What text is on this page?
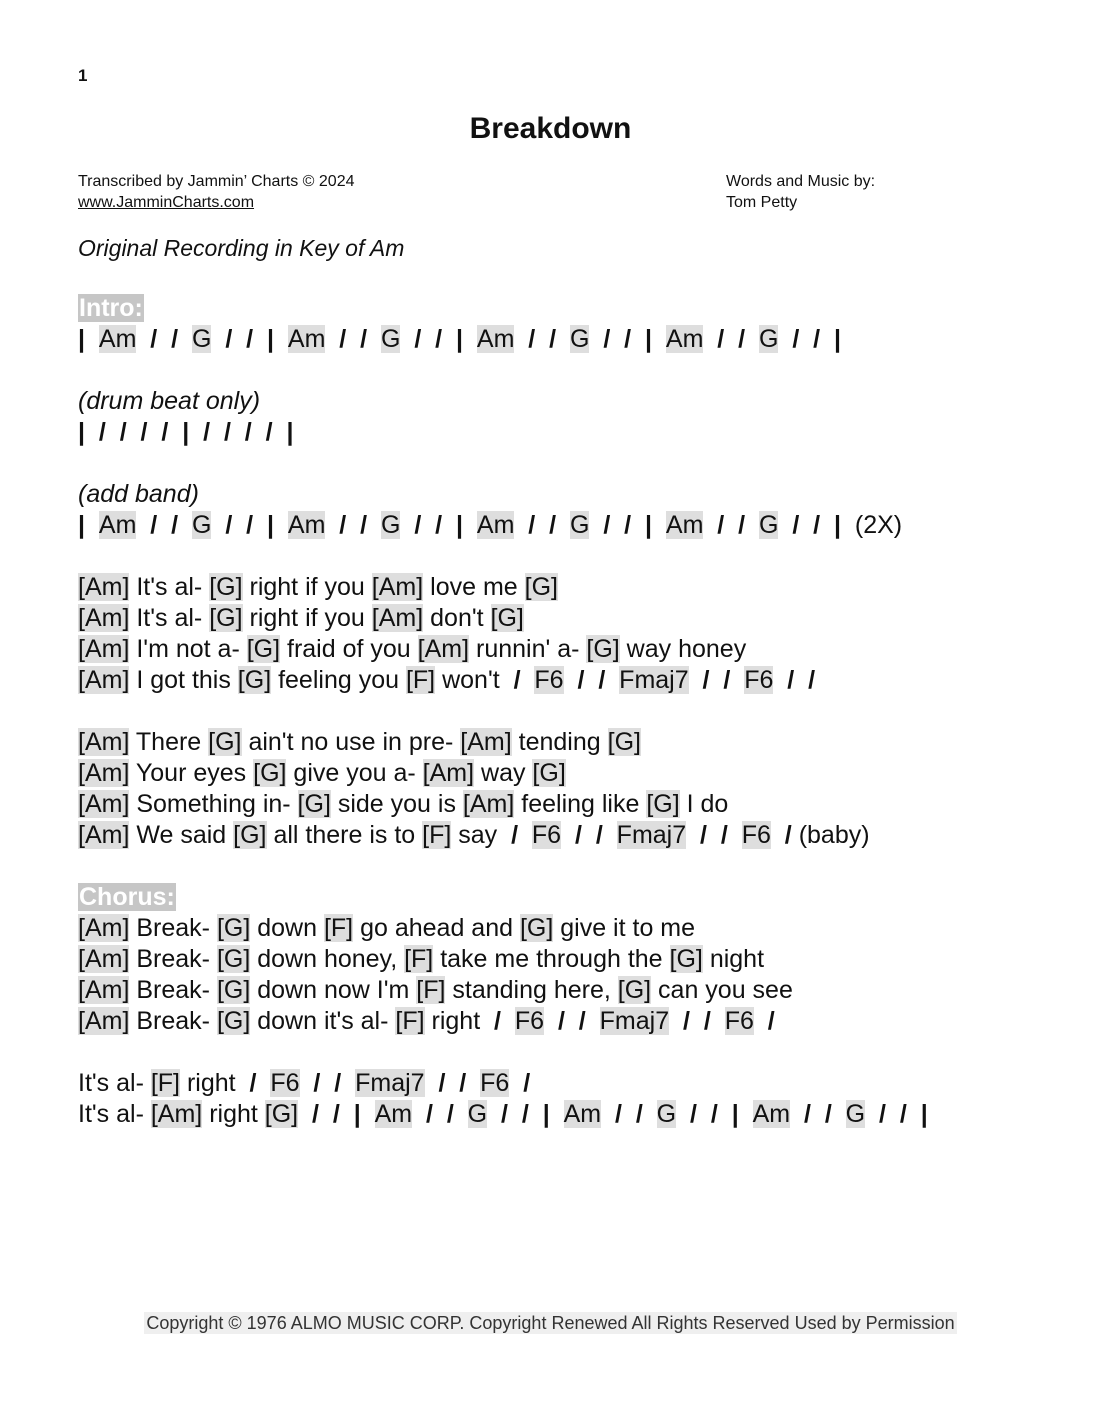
1
Breakdown
Transcribed by Jammin’ Charts © 2024
www.JamminCharts.com
Words and Music by:
Tom Petty
Original Recording in Key of Am
Intro:
|  Am  /  /  G  /  /  |  Am  /  /  G  /  /  |  Am  /  /  G  /  /  |  Am  /  /  G  /  /  |
(drum beat only)
|  /  /  /  /  |  /  /  /  /  |
(add band)
|  Am  /  /  G  /  /  |  Am  /  /  G  /  /  |  Am  /  /  G  /  /  |  Am  /  /  G  /  /  |  (2X)
[Am] It's al- [G] right if you [Am] love me [G]
[Am] It's al- [G] right if you [Am] don't [G]
[Am] I'm not a- [G] fraid of you [Am] runnin' a- [G] way honey
[Am] I got this [G] feeling you [F] won't  /  F6  /  /  Fmaj7  /  /  F6  /  /
[Am] There [G] ain't no use in pre- [Am] tending [G]
[Am] Your eyes [G] give you a- [Am] way [G]
[Am] Something in- [G] side you is [Am] feeling like [G] I do
[Am] We said [G] all there is to [F] say  /  F6  /  /  Fmaj7  /  /  F6  / (baby)
Chorus:
[Am] Break- [G] down [F] go ahead and [G] give it to me
[Am] Break- [G] down honey, [F] take me through the [G] night
[Am] Break- [G] down now I'm [F] standing here, [G] can you see
[Am] Break- [G] down it's al- [F] right  /  F6  /  /  Fmaj7  /  /  F6  /
It's al- [F] right  /  F6  /  /  Fmaj7  /  /  F6  /
It's al- [Am] right [G]  /  /  |  Am  /  /  G  /  /  |  Am  /  /  G  /  /  |  Am  /  /  G  /  /  |
Copyright © 1976 ALMO MUSIC CORP. Copyright Renewed All Rights Reserved Used by Permission
